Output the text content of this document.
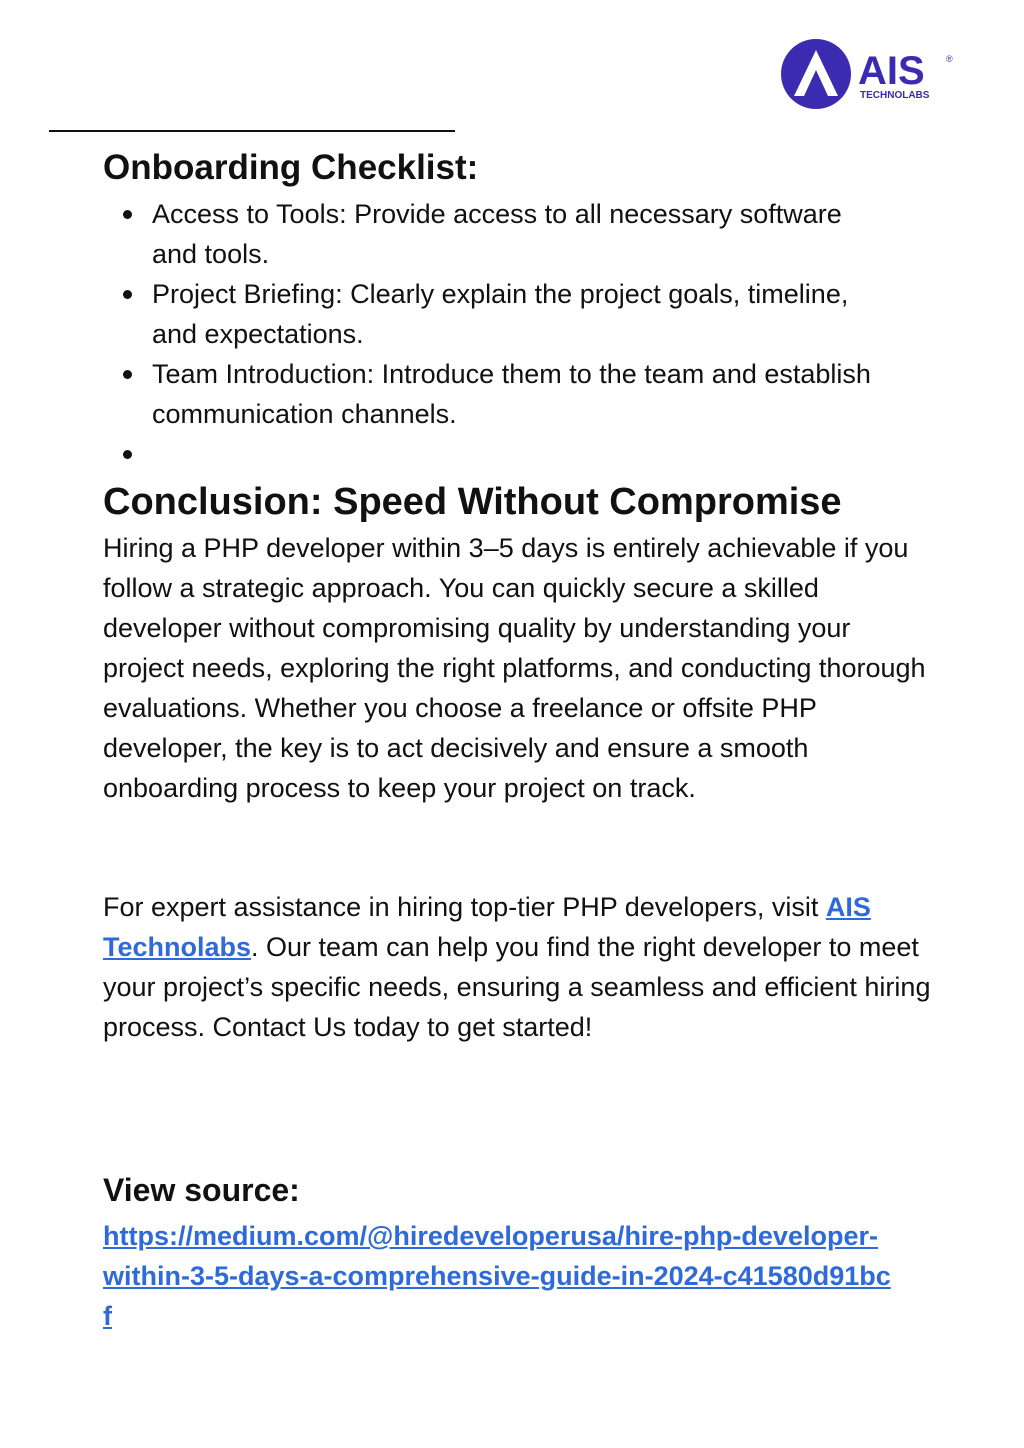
AIS ®
TECHNOLABS
Onboarding Checklist:
Access to Tools: Provide access to all necessary software and tools.
Project Briefing: Clearly explain the project goals, timeline, and expectations.
Team Introduction: Introduce them to the team and establish communication channels.
Conclusion: Speed Without Compromise

Hiring a PHP developer within 3–5 days is entirely achievable if you follow a strategic approach. You can quickly secure a skilled developer without compromising quality by understanding your project needs, exploring the right platforms, and conducting thorough evaluations. Whether you choose a freelance or offsite PHP developer, the key is to act decisively and ensure a smooth onboarding process to keep your project on track.

For expert assistance in hiring top-tier PHP developers, visit AIS Technolabs. Our team can help you find the right developer to meet your project’s specific needs, ensuring a seamless and efficient hiring process. Contact Us today to get started!

View source:
https://medium.com/@hiredeveloperusa/hire-php-developer-within-3-5-days-a-comprehensive-guide-in-2024-c41580d91bcf
